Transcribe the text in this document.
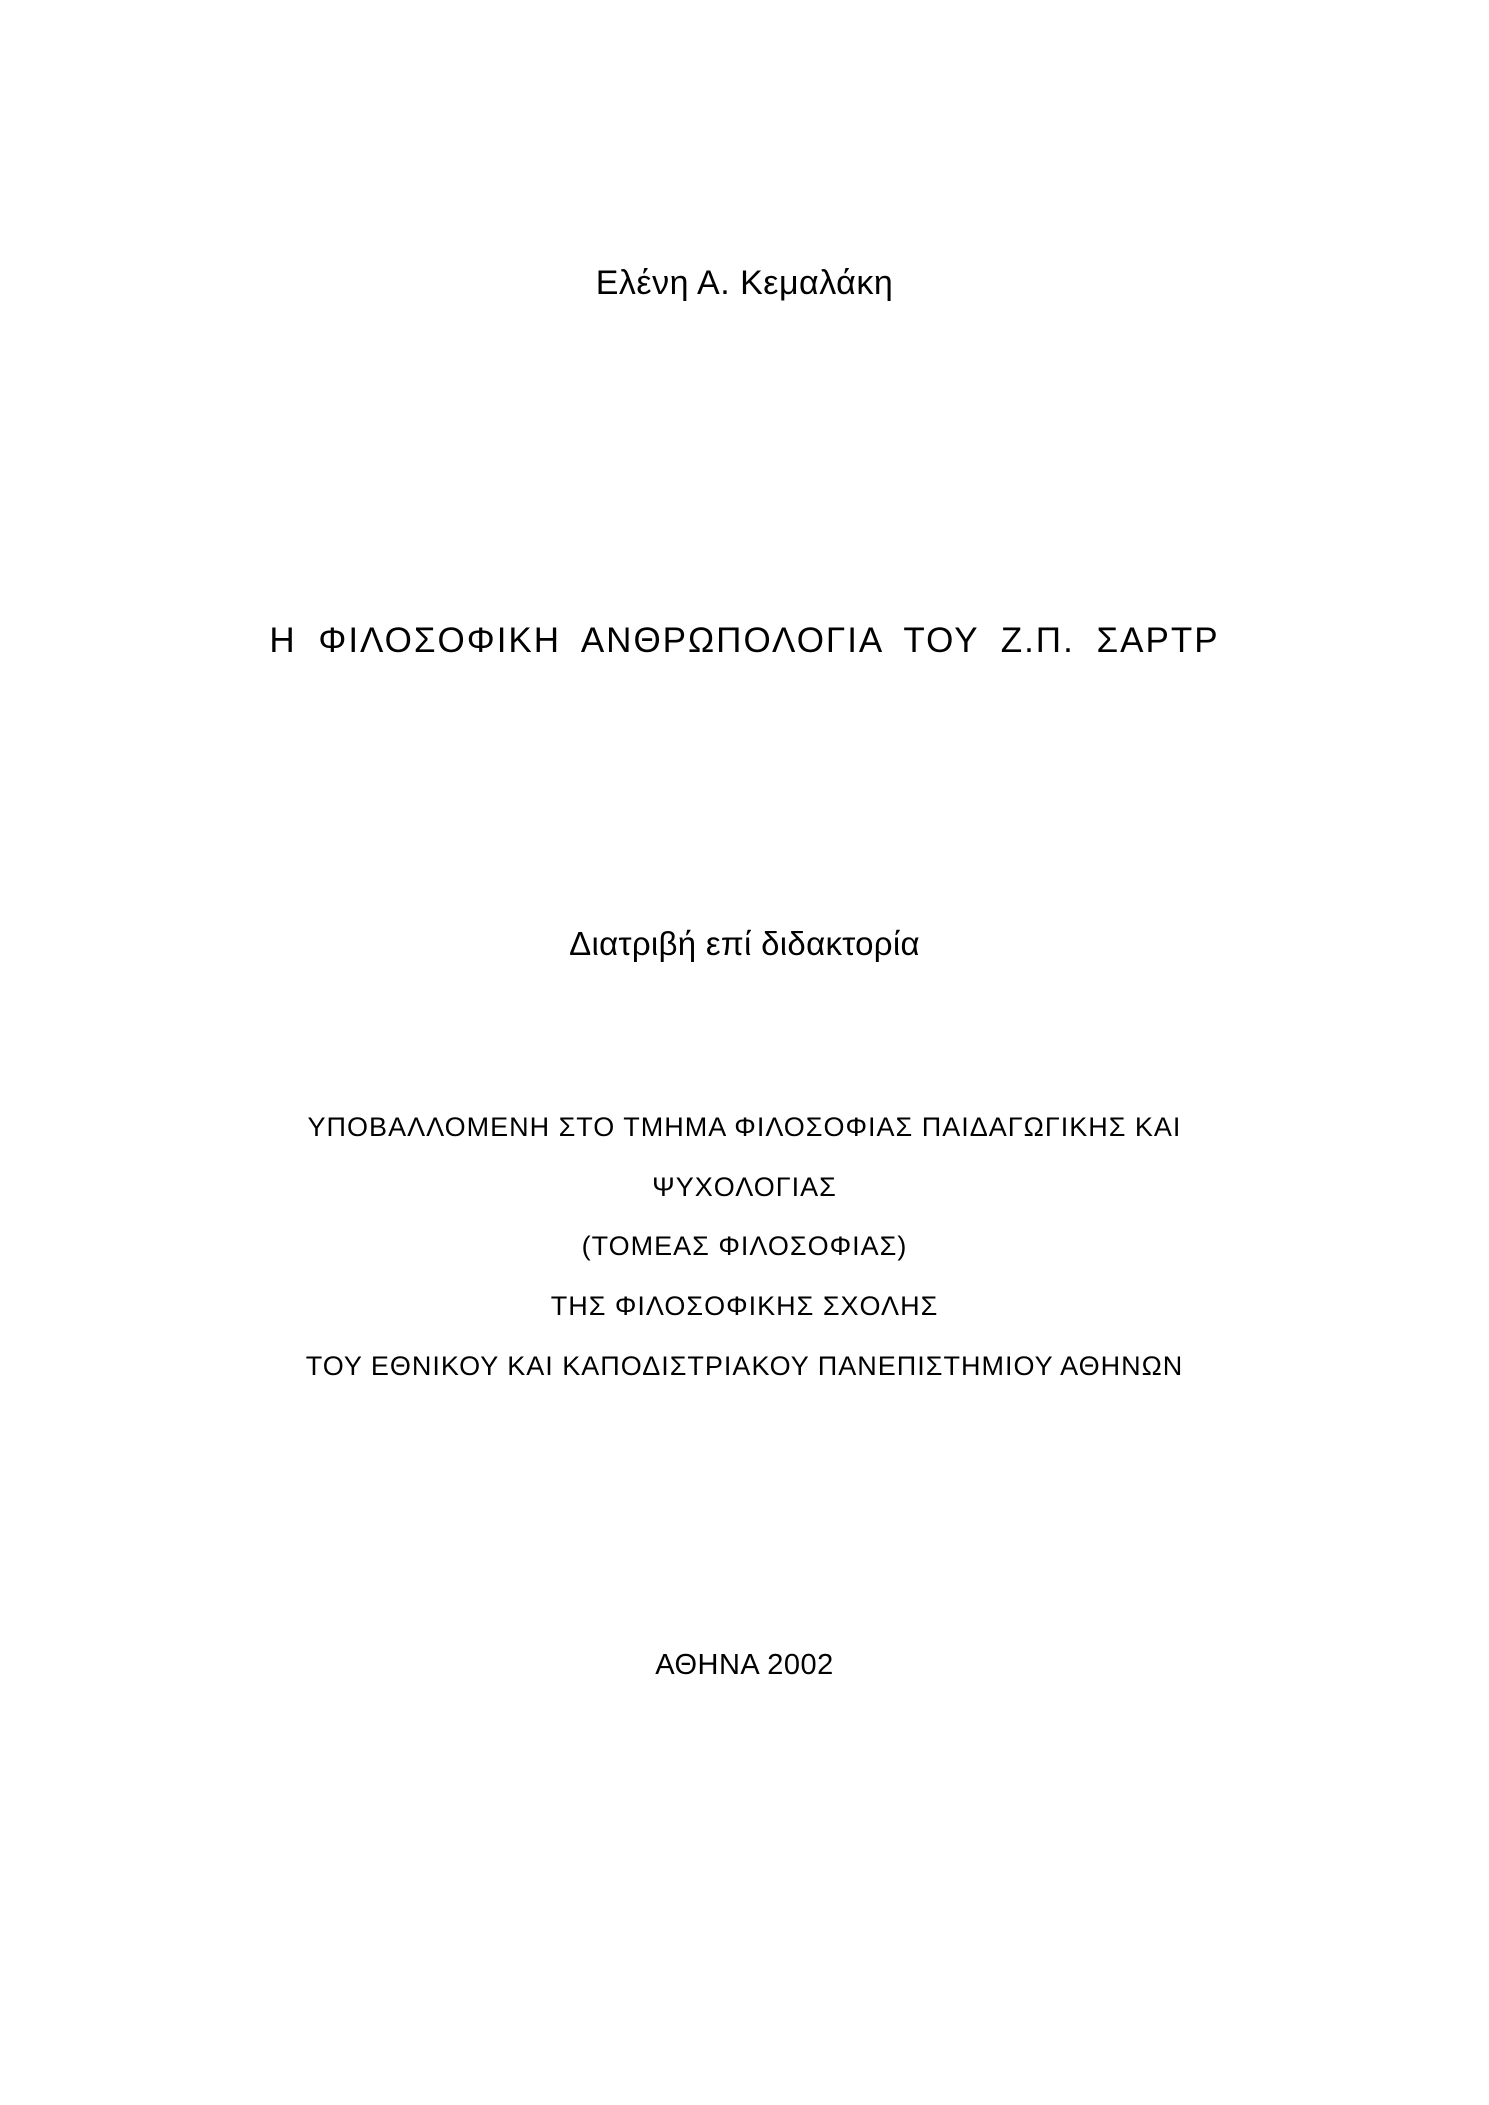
Ελένη Α. Κεμαλάκη
Η ΦΙΛΟΣΟΦΙΚΗ ΑΝΘΡΩΠΟΛΟΓΙΑ ΤΟΥ Ζ.Π. ΣΑΡΤΡ
Διατριβή επί διδακτορία
ΥΠΟΒΑΛΛΟΜΕΝΗ ΣΤΟ ΤΜΗΜΑ ΦΙΛΟΣΟΦΙΑΣ ΠΑΙΔΑΓΩΓΙΚΗΣ ΚΑΙ
ΨΥΧΟΛΟΓΙΑΣ
(ΤΟΜΕΑΣ ΦΙΛΟΣΟΦΙΑΣ)
ΤΗΣ ΦΙΛΟΣΟΦΙΚΗΣ ΣΧΟΛΗΣ
ΤΟΥ ΕΘΝΙΚΟΥ ΚΑΙ ΚΑΠΟΔΙΣΤΡΙΑΚΟΥ ΠΑΝΕΠΙΣΤΗΜΙΟΥ ΑΘΗΝΩΝ
ΑΘΗΝΑ 2002
